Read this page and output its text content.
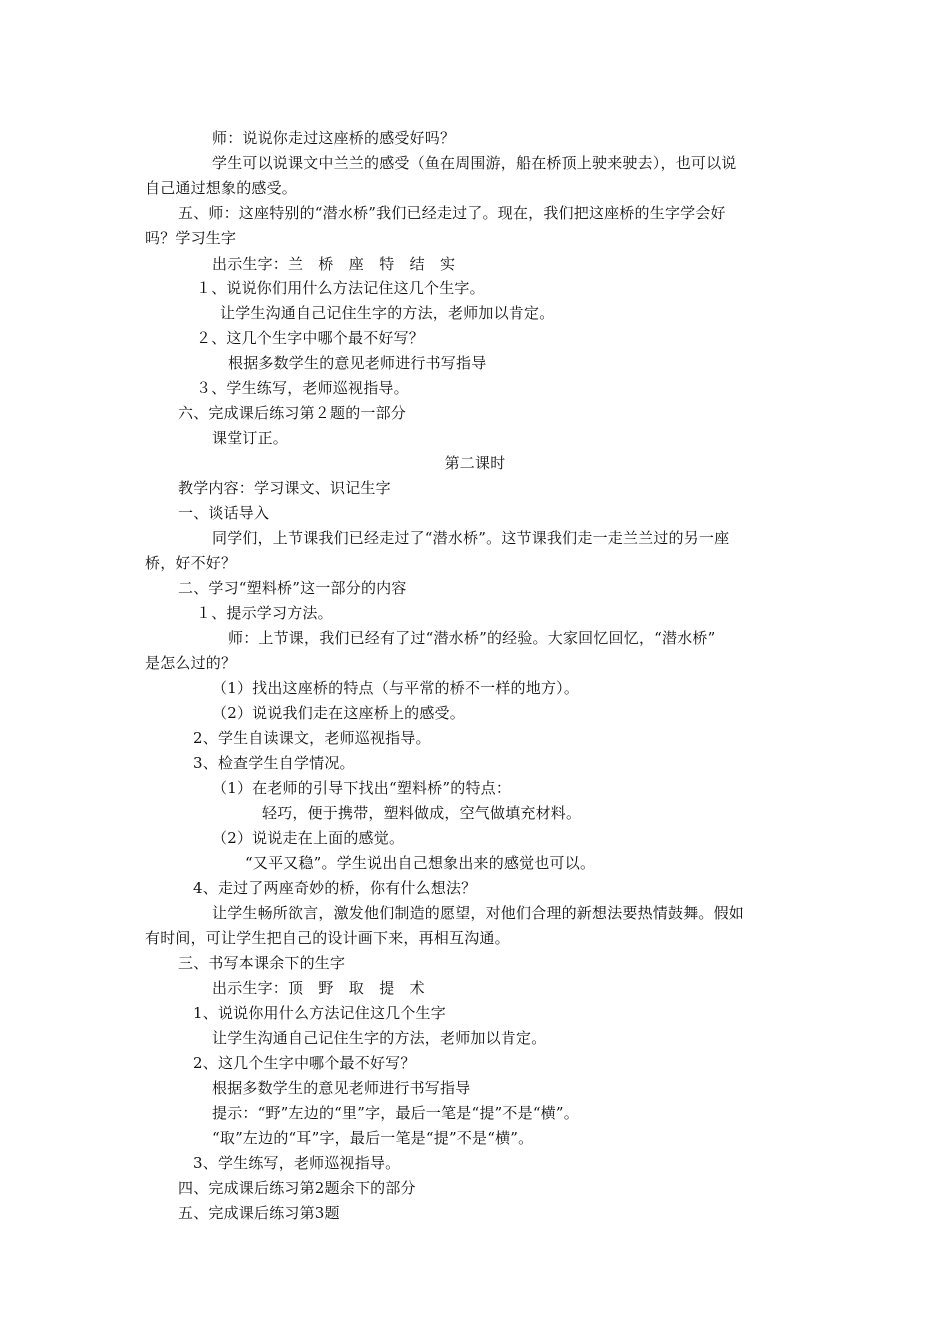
师：说说你走过这座桥的感受好吗？
学生可以说课文中兰兰的感受（鱼在周围游，船在桥顶上驶来驶去），也可以说
自己通过想象的感受。
五、师：这座特别的“潜水桥”我们已经走过了。现在，我们把这座桥的生字学会好
吗？学习生字
出示生字：兰　桥　座　特　结　实
１、说说你们用什么方法记住这几个生字。
让学生沟通自己记住生字的方法，老师加以肯定。
２、这几个生字中哪个最不好写？
根据多数学生的意见老师进行书写指导
３、学生练写，老师巡视指导。
六、完成课后练习第２题的一部分
课堂订正。
第二课时
教学内容：学习课文、识记生字
一、谈话导入
同学们，上节课我们已经走过了“潜水桥”。这节课我们走一走兰兰过的另一座
桥，好不好？
二、学习“塑料桥”这一部分的内容
１、提示学习方法。
师：上节课，我们已经有了过“潜水桥”的经验。大家回忆回忆，“潜水桥”
是怎么过的？
（1）找出这座桥的特点（与平常的桥不一样的地方）。
（2）说说我们走在这座桥上的感受。
2、学生自读课文，老师巡视指导。
3、检查学生自学情况。
（1）在老师的引导下找出“塑料桥”的特点：
轻巧，便于携带，塑料做成，空气做填充材料。
（2）说说走在上面的感觉。
“又平又稳”。学生说出自己想象出来的感觉也可以。
4、走过了两座奇妙的桥，你有什么想法？
让学生畅所欲言，激发他们制造的愿望，对他们合理的新想法要热情鼓舞。假如
有时间，可让学生把自己的设计画下来，再相互沟通。
三、书写本课余下的生字
出示生字：顶　野　取　提　术
1、说说你用什么方法记住这几个生字
让学生沟通自己记住生字的方法，老师加以肯定。
2、这几个生字中哪个最不好写？
根据多数学生的意见老师进行书写指导
提示：“野”左边的“里”字，最后一笔是“提”不是“横”。
“取”左边的“耳”字，最后一笔是“提”不是“横”。
3、学生练写，老师巡视指导。
四、完成课后练习第2题余下的部分
五、完成课后练习第3题
